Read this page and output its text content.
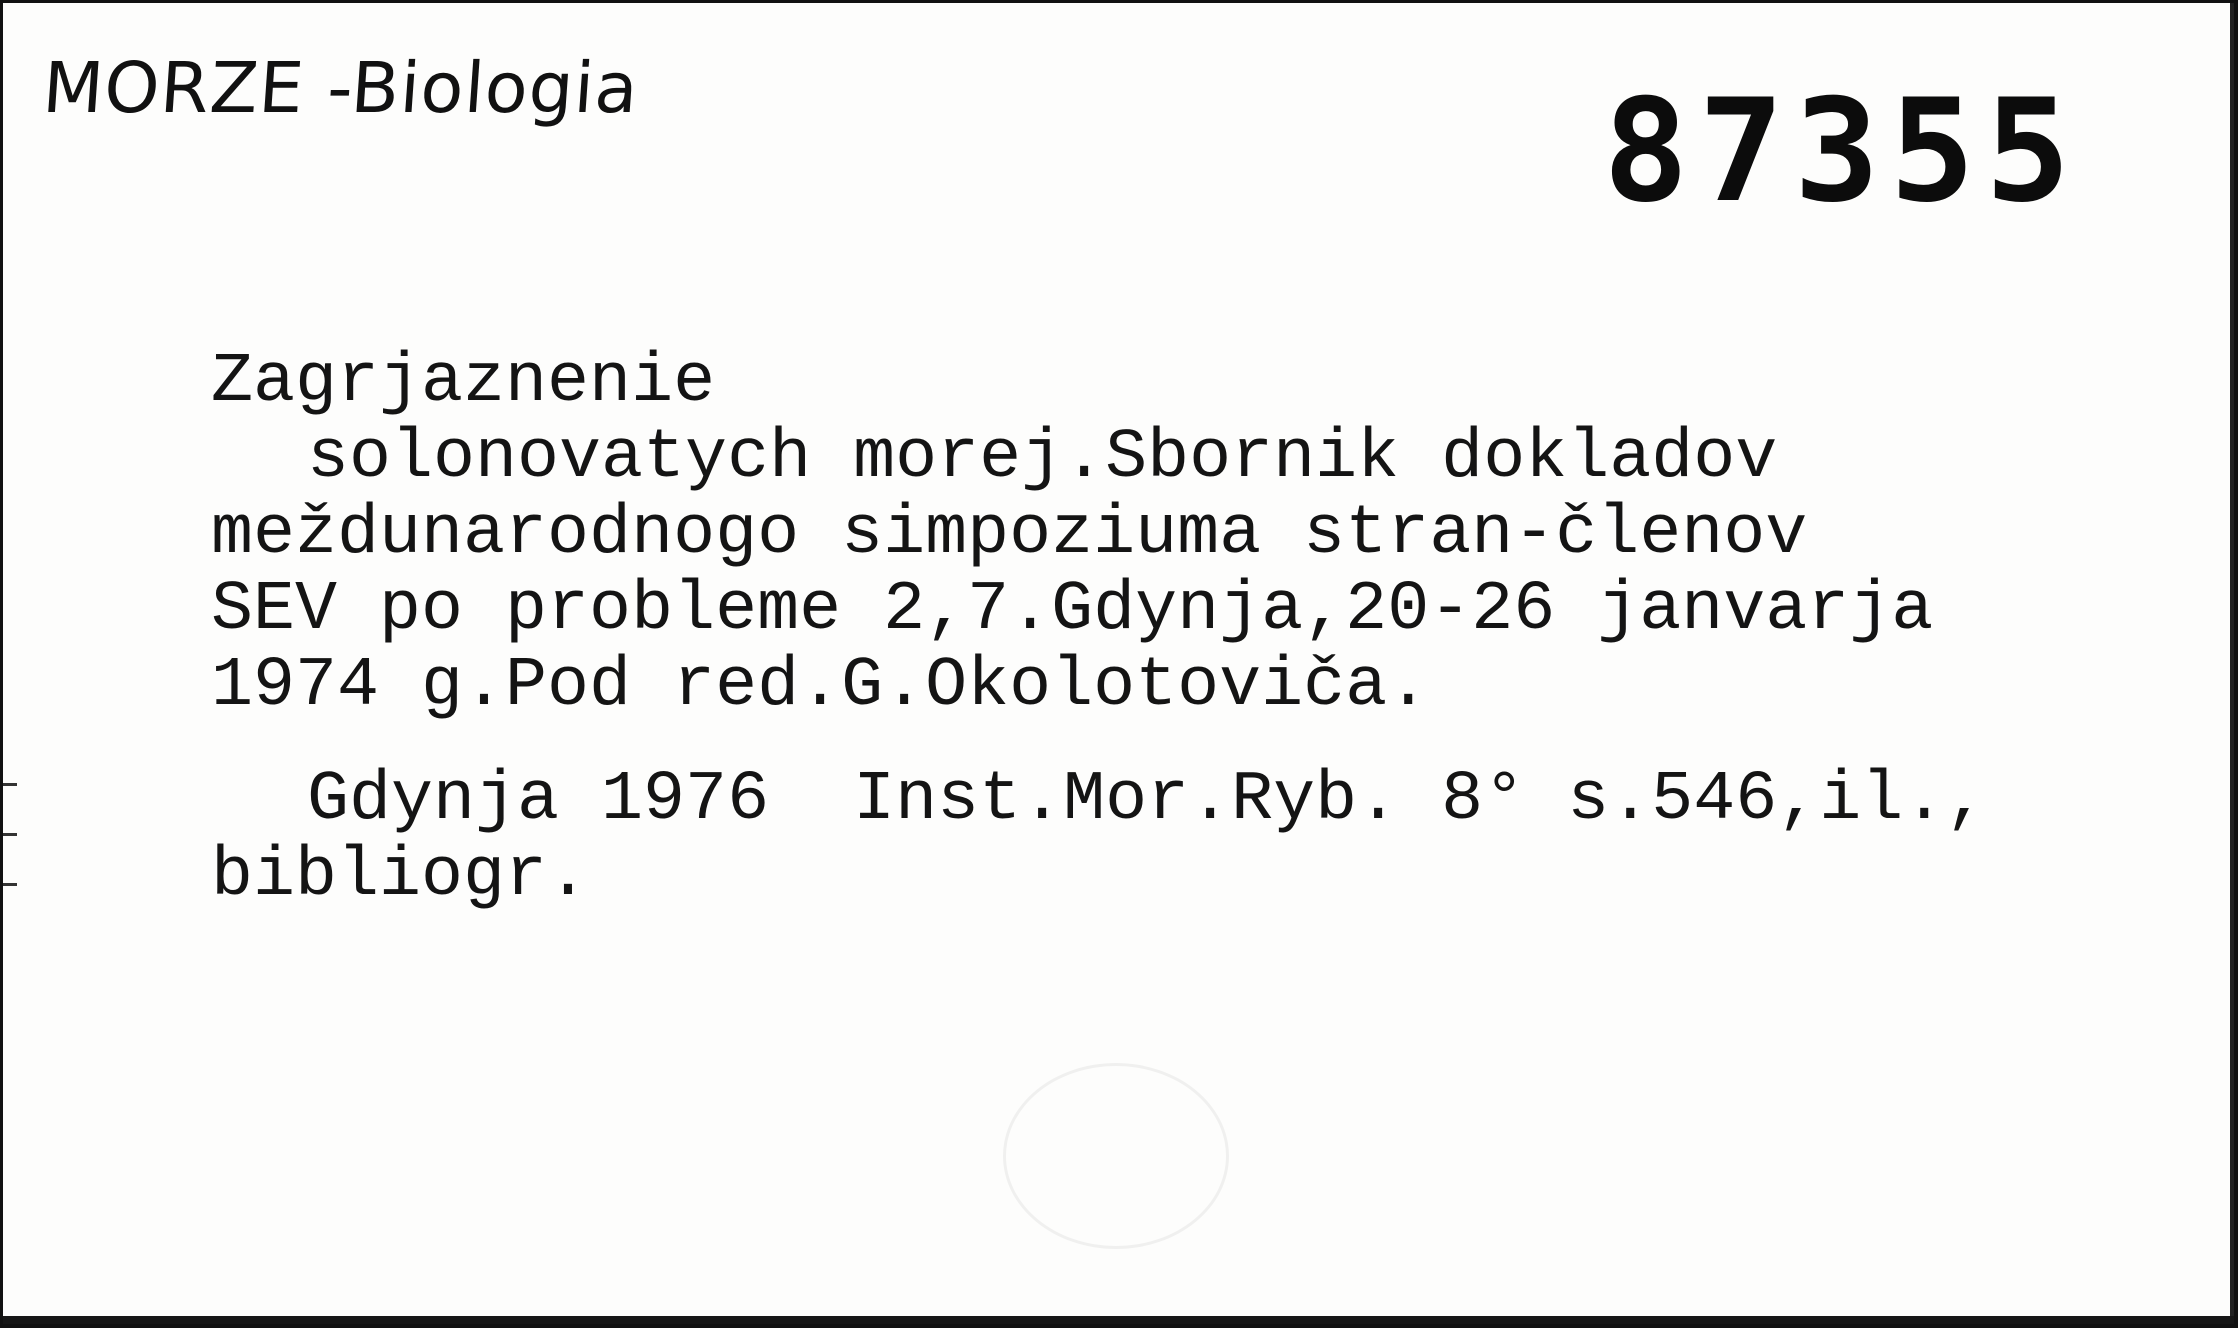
MORZE -Biologia	87355
Zagrjaznenie
solonovatych morej.Sbornik dokladov
meždunarodnogo simpoziuma stran-členov
SEV po probleme 2,7.Gdynja,20-26 janvarja
1974 g.Pod red.G.Okolotoviča.
Gdynja 1976  Inst.Mor.Ryb. 8° s.546,il.,
bibliogr.
